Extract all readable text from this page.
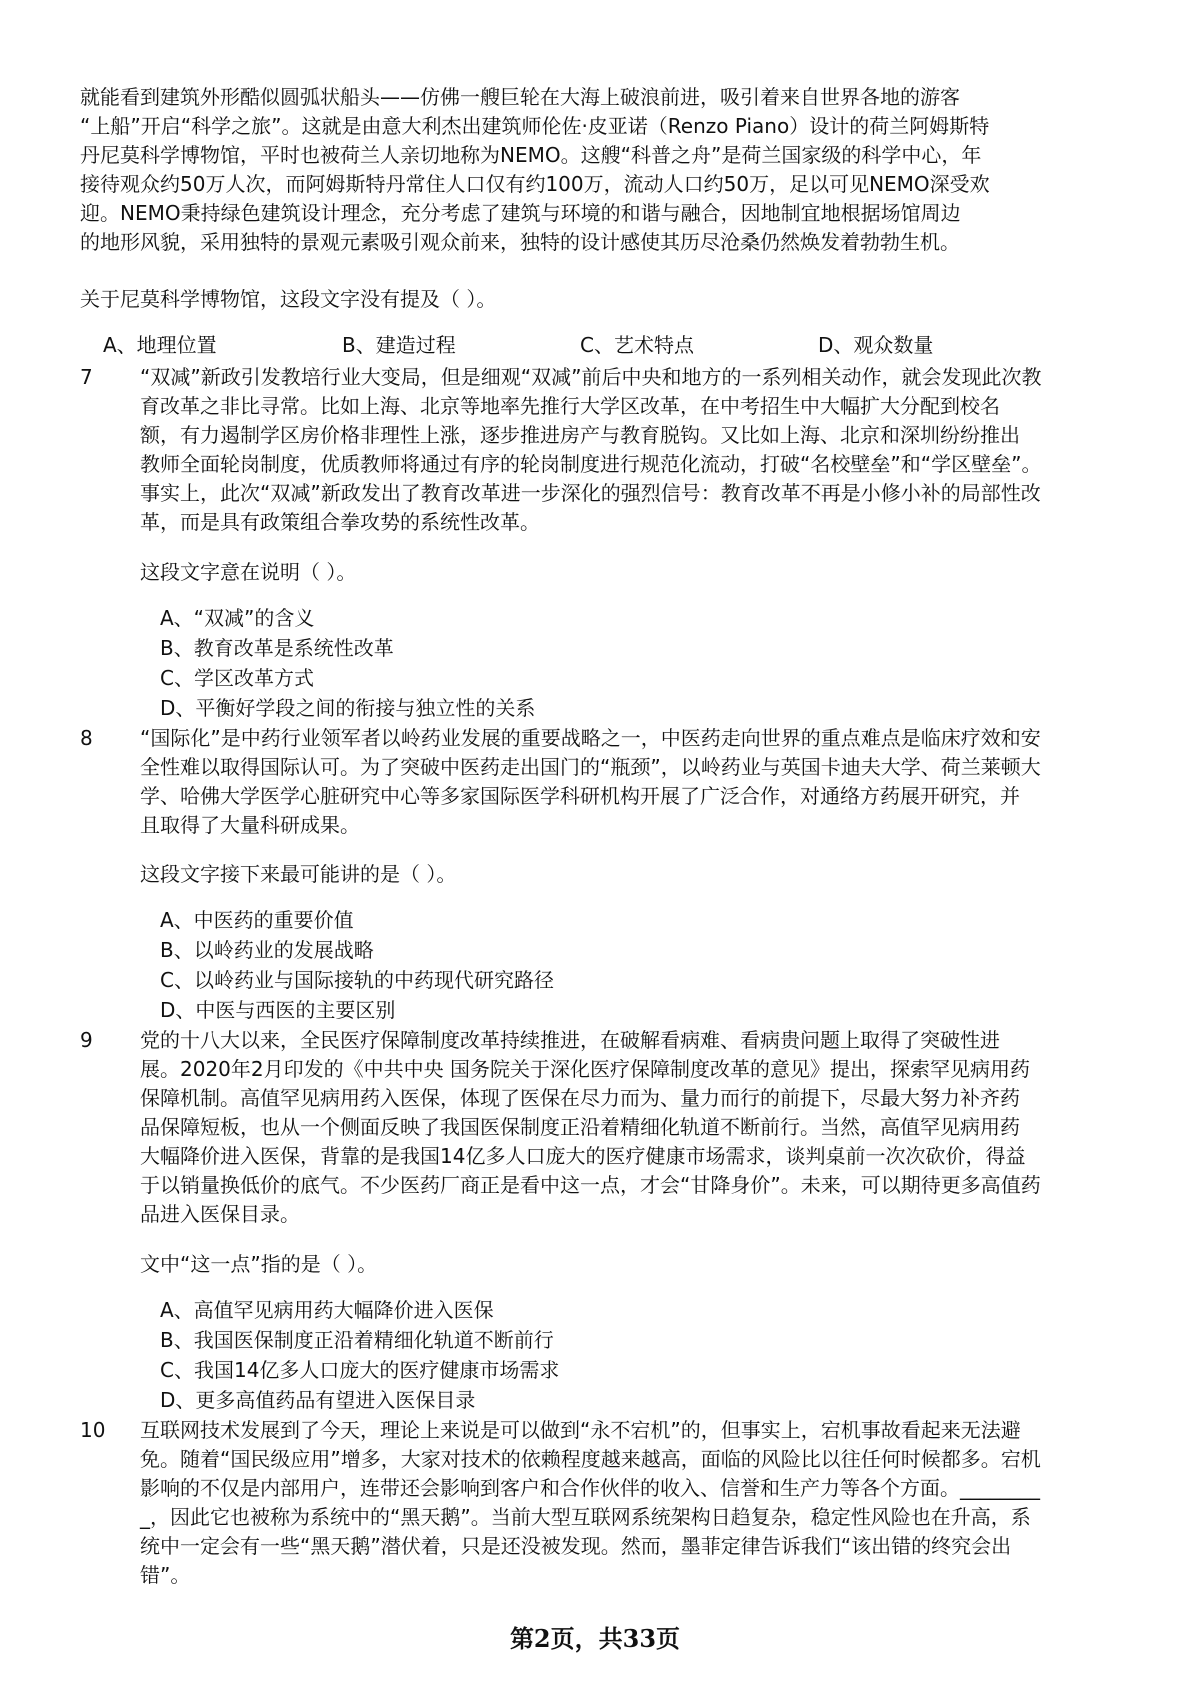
就能看到建筑外形酷似圆弧状船头——仿佛一艘巨轮在大海上破浪前进，吸引着来自世界各地的游客
“上船”开启“科学之旅”。这就是由意大利杰出建筑师伦佐·皮亚诺（Renzo Piano）设计的荷兰阿姆斯特
丹尼莫科学博物馆，平时也被荷兰人亲切地称为NEMO。这艘“科普之舟”是荷兰国家级的科学中心，年
接待观众约50万人次，而阿姆斯特丹常住人口仅有约100万，流动人口约50万，足以可见NEMO深受欢
迎。NEMO秉持绿色建筑设计理念，充分考虑了建筑与环境的和谐与融合，因地制宜地根据场馆周边
的地形风貌，采用独特的景观元素吸引观众前来，独特的设计感使其历尽沧桑仍然焕发着勃勃生机。
关于尼莫科学博物馆，这段文字没有提及（ ）。
A、地理位置	B、建造过程	C、艺术特点	D、观众数量
7 “双减”新政引发教培行业大变局，但是细观“双减”前后中央和地方的一系列相关动作，就会发现此次教
育改革之非比寻常。比如上海、北京等地率先推行大学区改革，在中考招生中大幅扩大分配到校名
额，有力遏制学区房价格非理性上涨，逐步推进房产与教育脱钩。又比如上海、北京和深圳纷纷推出
教师全面轮岗制度，优质教师将通过有序的轮岗制度进行规范化流动，打破“名校壁垒”和“学区壁垒”。
事实上，此次“双减”新政发出了教育改革进一步深化的强烈信号：教育改革不再是小修小补的局部性改
革，而是具有政策组合拳攻势的系统性改革。
这段文字意在说明（ ）。
A、“双减”的含义
B、教育改革是系统性改革
C、学区改革方式
D、平衡好学段之间的衔接与独立性的关系
8 “国际化”是中药行业领军者以岭药业发展的重要战略之一，中医药走向世界的重点难点是临床疗效和安
全性难以取得国际认可。为了突破中医药走出国门的“瓶颈”，以岭药业与英国卡迪夫大学、荷兰莱顿大
学、哈佛大学医学心脏研究中心等多家国际医学科研机构开展了广泛合作，对通络方药展开研究，并
且取得了大量科研成果。
这段文字接下来最可能讲的是（ ）。
A、中医药的重要价值
B、以岭药业的发展战略
C、以岭药业与国际接轨的中药现代研究路径
D、中医与西医的主要区别
9 党的十八大以来，全民医疗保障制度改革持续推进，在破解看病难、看病贵问题上取得了突破性进
展。2020年2月印发的《中共中央 国务院关于深化医疗保障制度改革的意见》提出，探索罕见病用药
保障机制。高值罕见病用药入医保，体现了医保在尽力而为、量力而行的前提下，尽最大努力补齐药
品保障短板，也从一个侧面反映了我国医保制度正沿着精细化轨道不断前行。当然，高值罕见病用药
大幅降价进入医保，背靠的是我国14亿多人口庞大的医疗健康市场需求，谈判桌前一次次砍价，得益
于以销量换低价的底气。不少医药厂商正是看中这一点，才会“甘降身价”。未来，可以期待更多高值药
品进入医保目录。
文中“这一点”指的是（ ）。
A、高值罕见病用药大幅降价进入医保
B、我国医保制度正沿着精细化轨道不断前行
C、我国14亿多人口庞大的医疗健康市场需求
D、更多高值药品有望进入医保目录
10 互联网技术发展到了今天，理论上来说是可以做到“永不宕机”的，但事实上，宕机事故看起来无法避
免。随着“国民级应用”增多，大家对技术的依赖程度越来越高，面临的风险比以往任何时候都多。宕机
影响的不仅是内部用户，连带还会影响到客户和合作伙伴的收入、信誉和生产力等各个方面。________
_，因此它也被称为系统中的“黑天鹅”。当前大型互联网系统架构日趋复杂，稳定性风险也在升高，系
统中一定会有一些“黑天鹅”潜伏着，只是还没被发现。然而，墨菲定律告诉我们“该出错的终究会出
错”。
第2页，共33页
